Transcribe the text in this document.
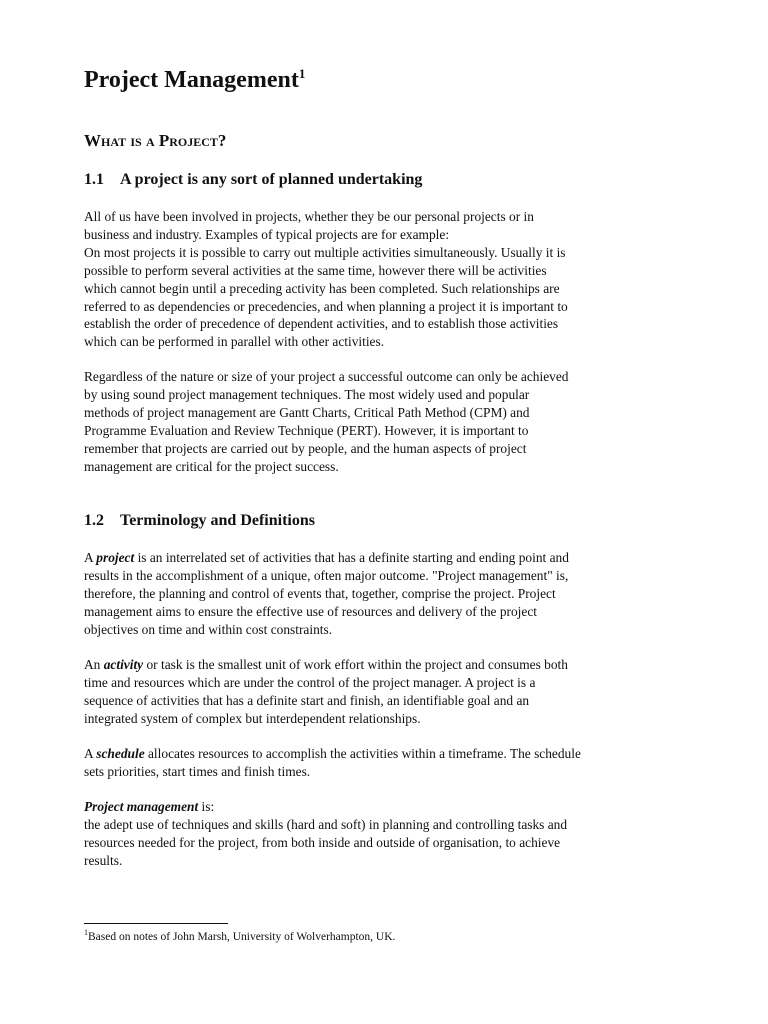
Project Management$^1$
What is a Project?
1.1 A project is any sort of planned undertaking
All of us have been involved in projects, whether they be our personal projects or in
business and industry. Examples of typical projects are for example:
On most projects it is possible to carry out multiple activities simultaneously. Usually it is
possible to perform several activities at the same time, however there will be activities
which cannot begin until a preceding activity has been completed. Such relationships are
referred to as dependencies or precedencies, and when planning a project it is important to
establish the order of precedence of dependent activities, and to establish those activities
which can be performed in parallel with other activities.
Regardless of the nature or size of your project a successful outcome can only be achieved
by using sound project management techniques. The most widely used and popular
methods of project management are Gantt Charts, Critical Path Method (CPM) and
Programme Evaluation and Review Technique (PERT). However, it is important to
remember that projects are carried out by people, and the human aspects of project
management are critical for the project success.
1.2 Terminology and Definitions
A project is an interrelated set of activities that has a definite starting and ending point and
results in the accomplishment of a unique, often major outcome. "Project management" is,
therefore, the planning and control of events that, together, comprise the project. Project
management aims to ensure the effective use of resources and delivery of the project
objectives on time and within cost constraints.
An activity or task is the smallest unit of work effort within the project and consumes both
time and resources which are under the control of the project manager. A project is a
sequence of activities that has a definite start and finish, an identifiable goal and an
integrated system of complex but interdependent relationships.
A schedule allocates resources to accomplish the activities within a timeframe. The schedule
sets priorities, start times and finish times.
Project management is:
the adept use of techniques and skills (hard and soft) in planning and controlling tasks and
resources needed for the project, from both inside and outside of organisation, to achieve
results.

$^1$Based on notes of John Marsh, University of Wolverhampton, UK.
